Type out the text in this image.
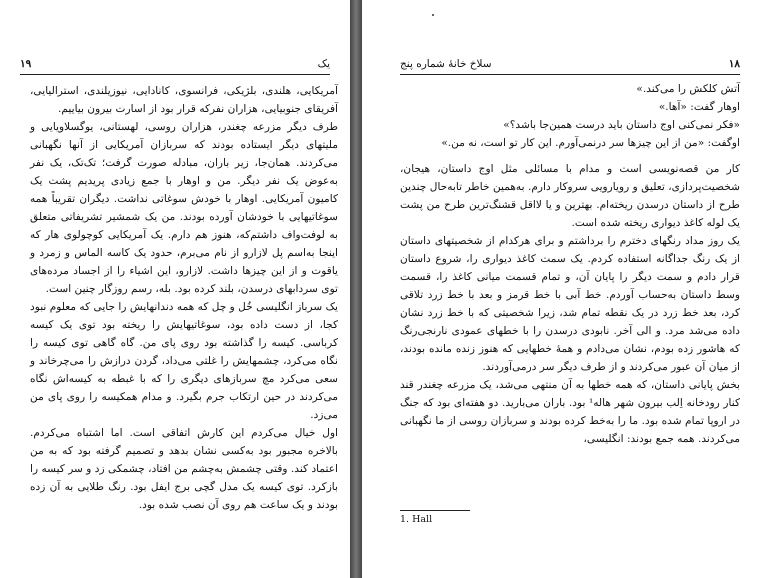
۱۹	یک

آمریکایی، هلندی، بلژیکی، فرانسوی، کانادایی، نیوزیلندی، استرالیایی، آفریقای جنوبیایی، هزاران نفرکه قرار بود از اسارت بیرون بیاییم.

طرف دیگر مزرعه چغندر، هزاران روسی، لهستانی، یوگسلاویایی و ملیتهای دیگر ایستاده بودند که سربازان آمریکایی از آنها نگهبانی می‌کردند. همان‌جا، زیر باران، مبادله صورت گرفت؛ تک‌تک، یک نفر به‌عوض یک نفر دیگر. من و اوهار با جمع زیادی پریدیم پشت یک کامیون آمریکایی. اوهار با خودش سوغاتی نداشت. دیگران تقریباً همه سوغاتیهایی با خودشان آورده بودند. من یک شمشیر تشریفاتی متعلق به لوفت‌واف داشتم‌که، هنوز هم دارم. یک آمریکایی کوچولوی هار که اینجا به‌اسم پل لازارو از نام می‌برم، حدود یک کاسه الماس و زمرد و یاقوت و از این چیزها داشت. لازارو، این اشیاء را از اجساد مرده‌های توی سردابهای درسدن، بلند کرده بود. بله، رسم روزگار چنین است.

یک سرباز انگلیسی خُل و چل که همه دندانهایش را جایی که معلوم نبود کجا، از دست داده بود، سوغاتیهایش را ریخته بود توی یک کیسه کرباسی. کیسه را گذاشته بود روی پای من. گاه گاهی توی کیسه را نگاه می‌کرد، چشمهایش را غلتی می‌داد، گردن درازش را می‌چرخاند و سعی می‌کرد مچ سربازهای دیگری را که با غبطه به کیسه‌اش نگاه می‌کردند در حین ارتکاب جرم بگیرد. و مدام همکیسه را روی پای من می‌زد.

اول خیال می‌کردم این کارش اتفاقی است. اما اشتباه می‌کردم. بالاخره مجبور بود به‌کسی نشان بدهد و تصمیم گرفته بود که به من اعتماد کند. وقتی چشمش به‌چشم من افتاد، چشمکی زد و سر کیسه را بازکرد. توی کیسه یک مدل گچی برج ایفل بود. رنگ طلایی به آن زده بودند و یک ساعت هم روی آن نصب شده بود.

۱۸
سلاخ خانهٔ شماره پنج

آتش کلکش را می‌کند.»

اوهار گفت: «آها.»

«فکر نمی‌کنی اوج داستان باید درست همین‌جا باشد؟»

اوگفت: «من از این چیزها سر درنمی‌آورم. این کار تو است، نه من.»

کار من قصه‌نویسی است و مدام با مسائلی مثل اوج داستان، هیجان، شخصیت‌پردازی، تعلیق و رویارویی سروکار دارم. به‌همین خاطر تابه‌حال چندین طرح از داستان درسدن ریخته‌ام. بهترین و یا لااقل قشنگ‌ترین طرح من پشت یک لوله کاغذ دیواری ریخته شده است.

یک روز مداد رنگهای دخترم را برداشتم و برای هرکدام از شخصیتهای داستان از یک رنگ جداگانه استفاده کردم. یک سمت کاغذ دیواری را، شروع داستان قرار دادم و سمت دیگر را پایان آن، و تمام قسمت میانی کاغذ را، قسمت وسط داستان به‌حساب آوردم. خط آبی با خط قرمز و بعد با خط زرد تلاقی کرد، بعد خط زرد در یک نقطه تمام شد، زیرا شخصیتی که با خط زرد نشان داده می‌شد مرد. و الی آخر. نابودی درسدن را با خطهای عمودی نارنجی‌رنگ که هاشور زده بودم، نشان می‌دادم و همهٔ خطهایی که هنوز زنده مانده بودند، از میان آن عبور می‌کردند و از طرف دیگر سر درمی‌آوردند.

بخش پایانی داستان، که همه خطها به آن منتهی می‌شد، یک مزرعه چغندر قند کنار رودخانه اِلب بیرون شهر هاله¹ بود. باران می‌بارید. دو هفته‌ای بود که جنگ در اروپا تمام شده بود. ما را به‌خط کرده بودند و سربازان روسی از ما نگهبانی می‌کردند. همه جمع بودند: انگلیسی،

1. Hall
